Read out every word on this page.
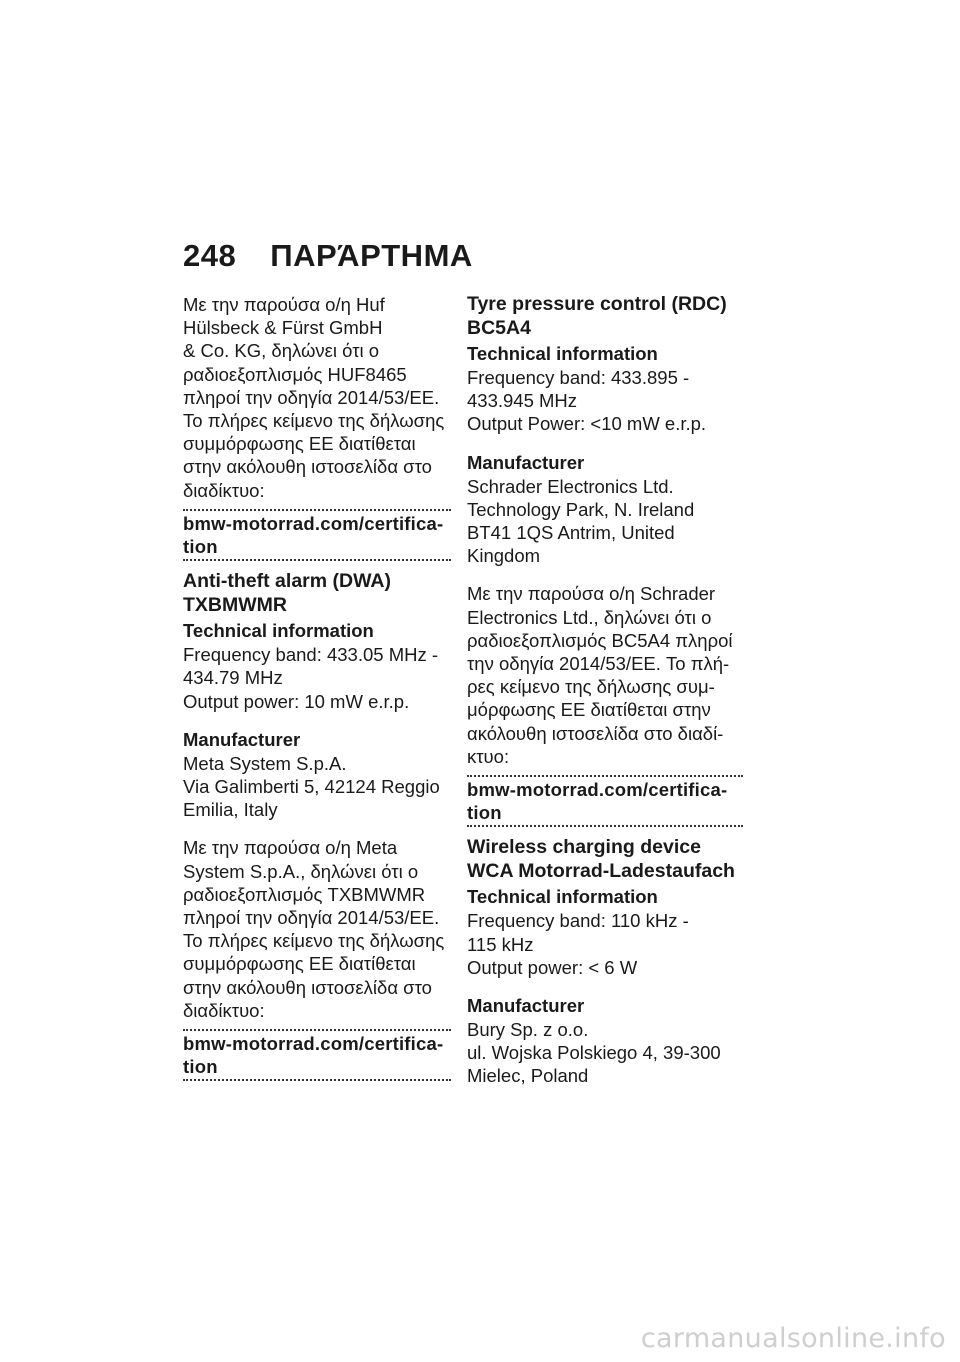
248 ΠΑΡΆΡΤΗΜΑ
Με την παρούσα ο/η Huf
Hülsbeck & Fürst GmbH
& Co. KG, δηλώνει ότι ο
ραδιοεξοπλισμός HUF8465
πληροί την οδηγία 2014/53/EE.
Το πλήρες κείμενο της δήλωσης
συμμόρφωσης ΕΕ διατίθεται
στην ακόλουθη ιστοσελίδα στο
διαδίκτυο:
bmw-motorrad.com/certifica-
tion
Anti-theft alarm (DWA)
TXBMWMR
Technical information
Frequency band: 433.05 MHz -
434.79 MHz
Output power: 10 mW e.r.p.
Manufacturer
Meta System S.p.A.
Via Galimberti 5, 42124 Reggio
Emilia, Italy
Με την παρούσα ο/η Meta
System S.p.A., δηλώνει ότι ο
ραδιοεξοπλισμός TXBMWMR
πληροί την οδηγία 2014/53/EE.
Το πλήρες κείμενο της δήλωσης
συμμόρφωσης ΕΕ διατίθεται
στην ακόλουθη ιστοσελίδα στο
διαδίκτυο:
bmw-motorrad.com/certifica-
tion
Tyre pressure control (RDC)
BC5A4
Technical information
Frequency band: 433.895 -
433.945 MHz
Output Power: <10 mW e.r.p.
Manufacturer
Schrader Electronics Ltd.
Technology Park, N. Ireland
BT41 1QS Antrim, United
Kingdom
Με την παρούσα ο/η Schrader
Electronics Ltd., δηλώνει ότι ο
ραδιοεξοπλισμός BC5A4 πληροί
την οδηγία 2014/53/EE. Το πλή-
ρες κείμενο της δήλωσης συμ-
μόρφωσης ΕΕ διατίθεται στην
ακόλουθη ιστοσελίδα στο διαδί-
κτυο:
bmw-motorrad.com/certifica-
tion
Wireless charging device
WCA Motorrad-Ladestaufach
Technical information
Frequency band: 110 kHz -
115 kHz
Output power: < 6 W
Manufacturer
Bury Sp. z o.o.
ul. Wojska Polskiego 4, 39-300
Mielec, Poland
carmanualsonline.info
